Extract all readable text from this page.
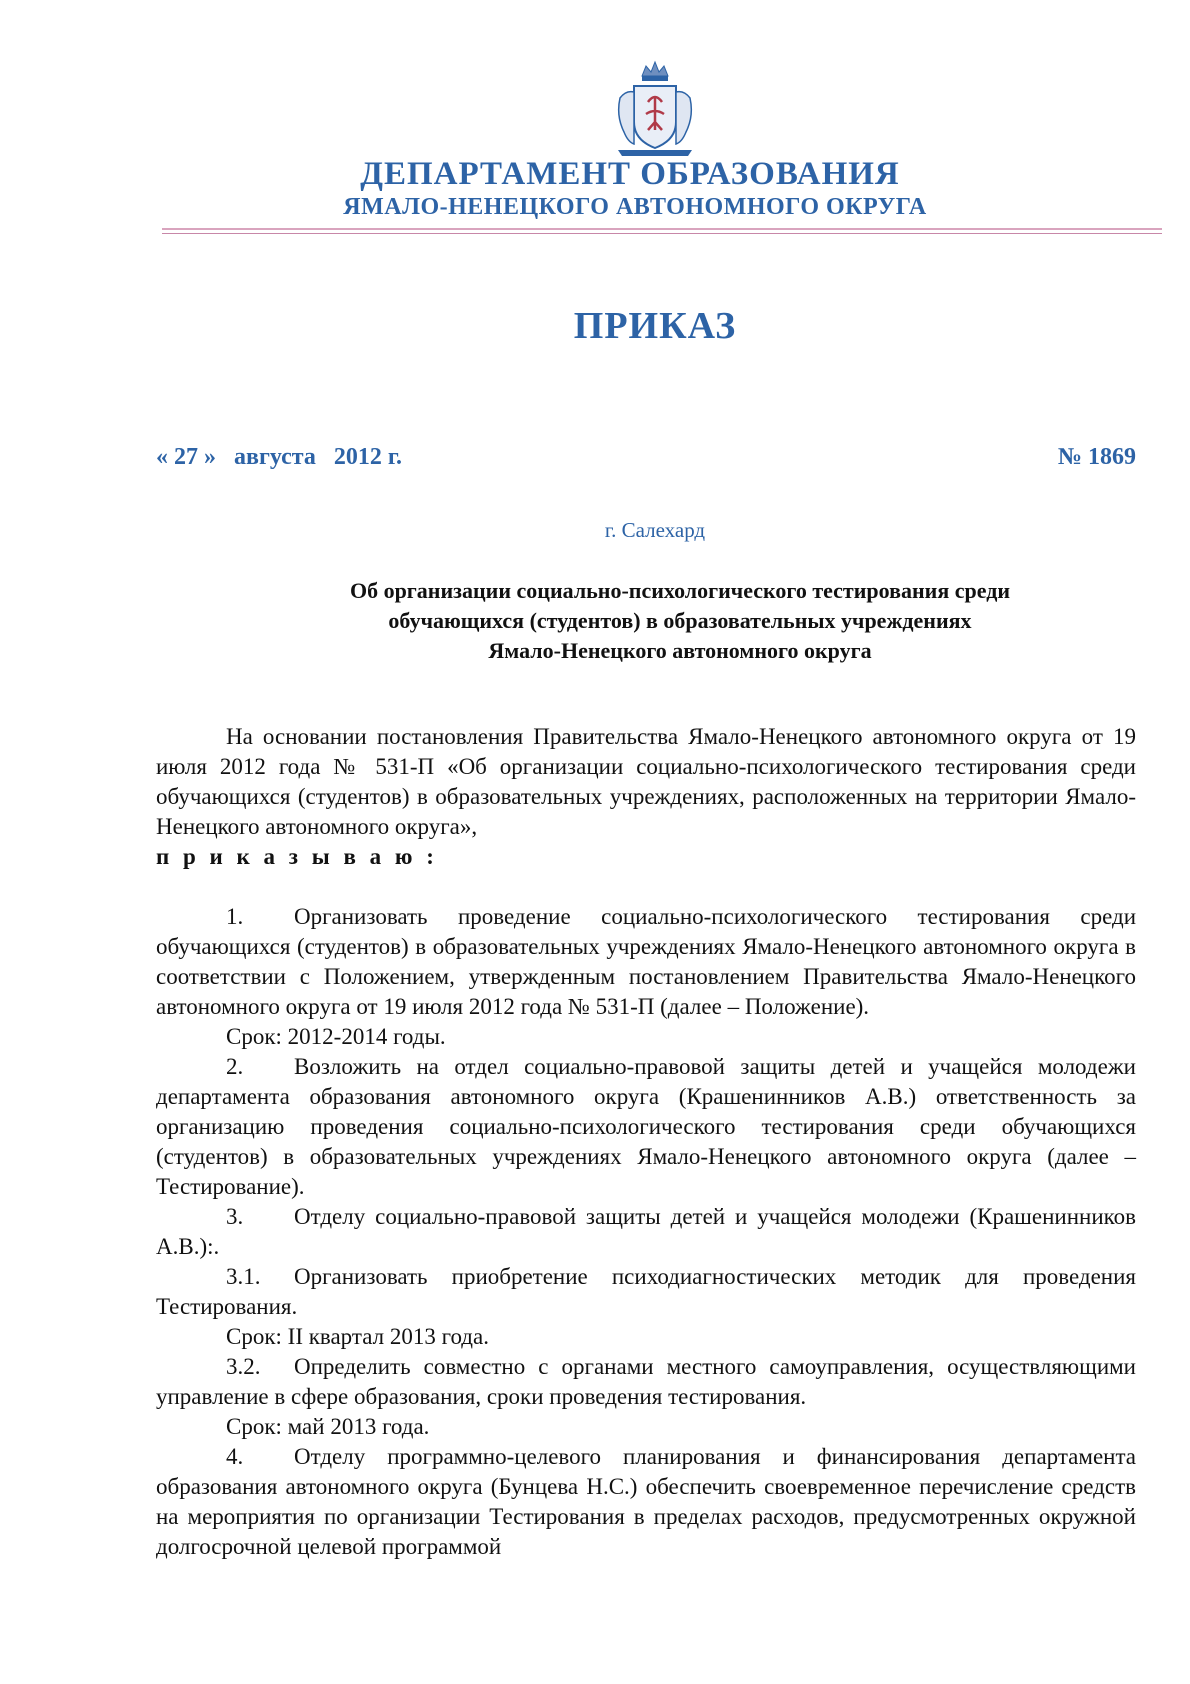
ДЕПАРТАМЕНТ ОБРАЗОВАНИЯ
ЯМАЛО-НЕНЕЦКОГО АВТОНОМНОГО ОКРУГА
ПРИКАЗ
« 27 »   августа   2012 г.	№ 1869
г. Салехард
Об организации социально-психологического тестирования среди
обучающихся (студентов) в образовательных учреждениях
Ямало-Ненецкого автономного округа

На основании постановления Правительства Ямало-Ненецкого автономного округа от 19 июля 2012 года № 531-П «Об организации социально-психологического тестирования среди обучающихся (студентов) в образовательных учреждениях, расположенных на территории Ямало-Ненецкого автономного округа»,
п р и к а з ы в а ю :

1. Организовать проведение социально-психологического тестирования среди обучающихся (студентов) в образовательных учреждениях Ямало-Ненецкого автономного округа в соответствии с Положением, утвержденным постановлением Правительства Ямало-Ненецкого автономного округа от 19 июля 2012 года № 531-П (далее – Положение).

Срок: 2012-2014 годы.

2. Возложить на отдел социально-правовой защиты детей и учащейся молодежи департамента образования автономного округа (Крашенинников А.В.) ответственность за организацию проведения социально-психологического тестирования среди обучающихся (студентов) в образовательных учреждениях Ямало-Ненецкого автономного округа (далее – Тестирование).

3. Отделу социально-правовой защиты детей и учащейся молодежи (Крашенинников А.В.):.

3.1. Организовать приобретение психодиагностических методик для проведения Тестирования.

Срок: II квартал 2013 года.

3.2. Определить совместно с органами местного самоуправления, осуществляющими управление в сфере образования, сроки проведения тестирования.

Срок: май 2013 года.

4. Отделу программно-целевого планирования и финансирования департамента образования автономного округа (Бунцева Н.С.) обеспечить своевременное перечисление средств на мероприятия по организации Тестирования в пределах расходов, предусмотренных окружной долгосрочной целевой программой
